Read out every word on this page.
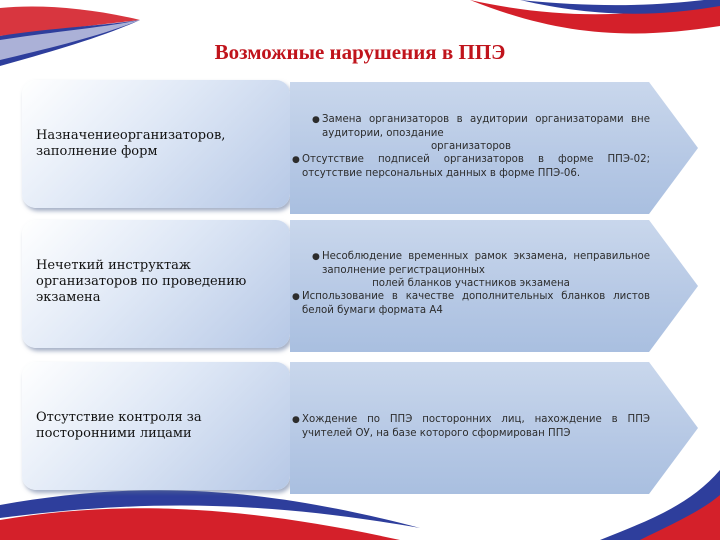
Возможные нарушения в ППЭ
Назначениеорганизаторов, заполнение форм
● Замена организаторов в аудитории организаторами вне аудитории, опоздание
организаторов
● Отсутствие подписей организаторов в форме ППЭ-02; отсутствие персональных данных в форме ППЭ-06.
Нечеткий инструктаж организаторов по проведению экзамена
● Несоблюдение временных рамок экзамена, неправильное заполнение регистрационных
полей бланков участников экзамена
● Использование в качестве дополнительных бланков листов белой бумаги формата А4
Отсутствие контроля за посторонними лицами
● Хождение по ППЭ посторонних лиц, нахождение в ППЭ учителей ОУ, на базе которого сформирован ППЭ
